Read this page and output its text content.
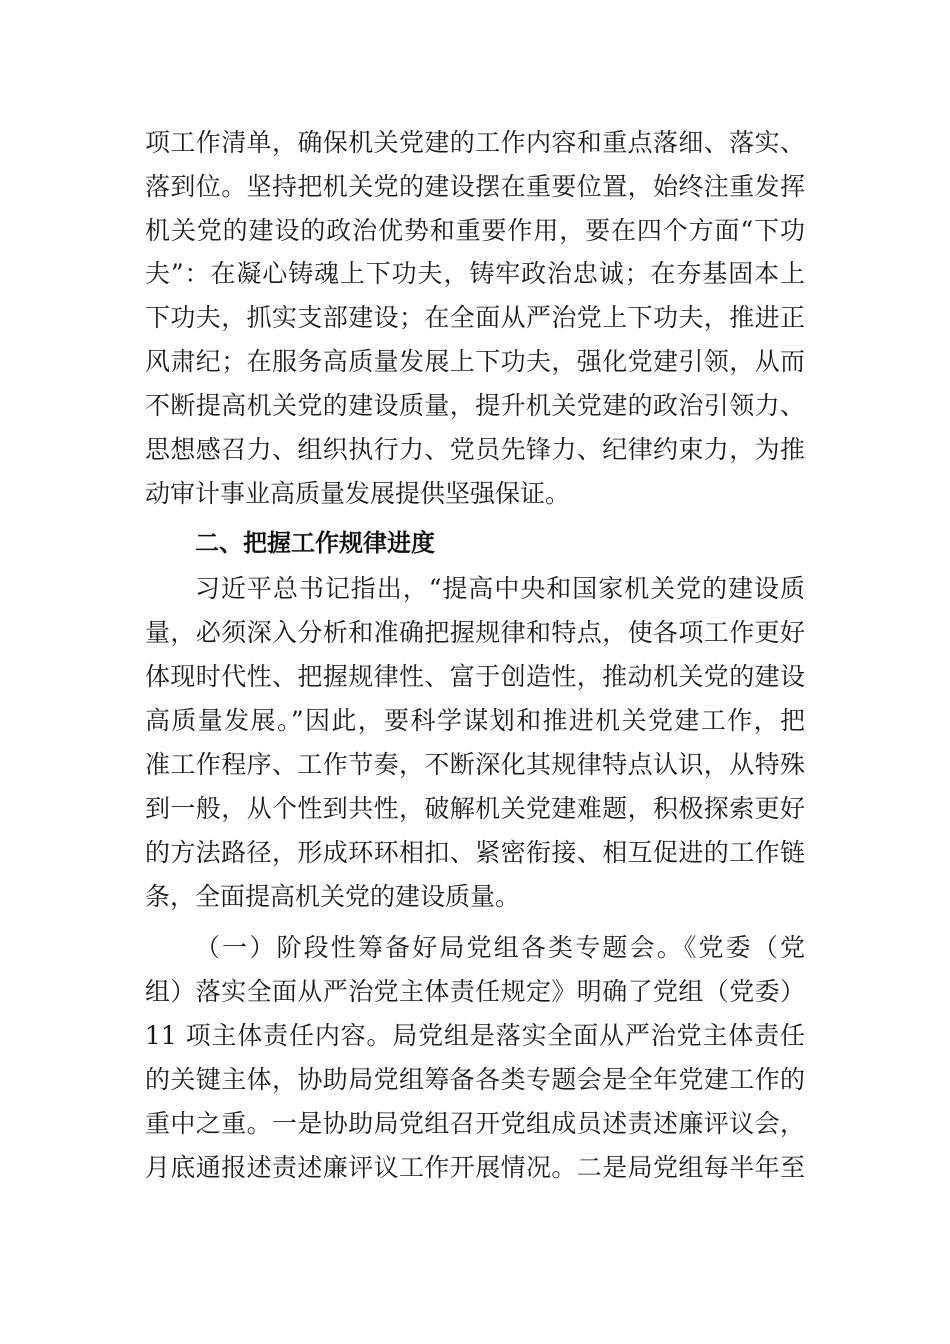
项工作清单，确保机关党建的工作内容和重点落细、落实、
落到位。坚持把机关党的建设摆在重要位置，始终注重发挥
机关党的建设的政治优势和重要作用，要在四个方面“下功
夫”：在凝心铸魂上下功夫，铸牢政治忠诚；在夯基固本上
下功夫，抓实支部建设；在全面从严治党上下功夫，推进正
风肃纪；在服务高质量发展上下功夫，强化党建引领，从而
不断提高机关党的建设质量，提升机关党建的政治引领力、
思想感召力、组织执行力、党员先锋力、纪律约束力，为推
动审计事业高质量发展提供坚强保证。
二、把握工作规律进度
习近平总书记指出，“提高中央和国家机关党的建设质
量，必须深入分析和准确把握规律和特点，使各项工作更好
体现时代性、把握规律性、富于创造性，推动机关党的建设
高质量发展。”因此，要科学谋划和推进机关党建工作，把
准工作程序、工作节奏，不断深化其规律特点认识，从特殊
到一般，从个性到共性，破解机关党建难题，积极探索更好
的方法路径，形成环环相扣、紧密衔接、相互促进的工作链
条，全面提高机关党的建设质量。
（一）阶段性筹备好局党组各类专题会。《党委（党
组）落实全面从严治党主体责任规定》明确了党组（党委）
11 项主体责任内容。局党组是落实全面从严治党主体责任
的关键主体，协助局党组筹备各类专题会是全年党建工作的
重中之重。一是协助局党组召开党组成员述责述廉评议会，
月底通报述责述廉评议工作开展情况。二是局党组每半年至
